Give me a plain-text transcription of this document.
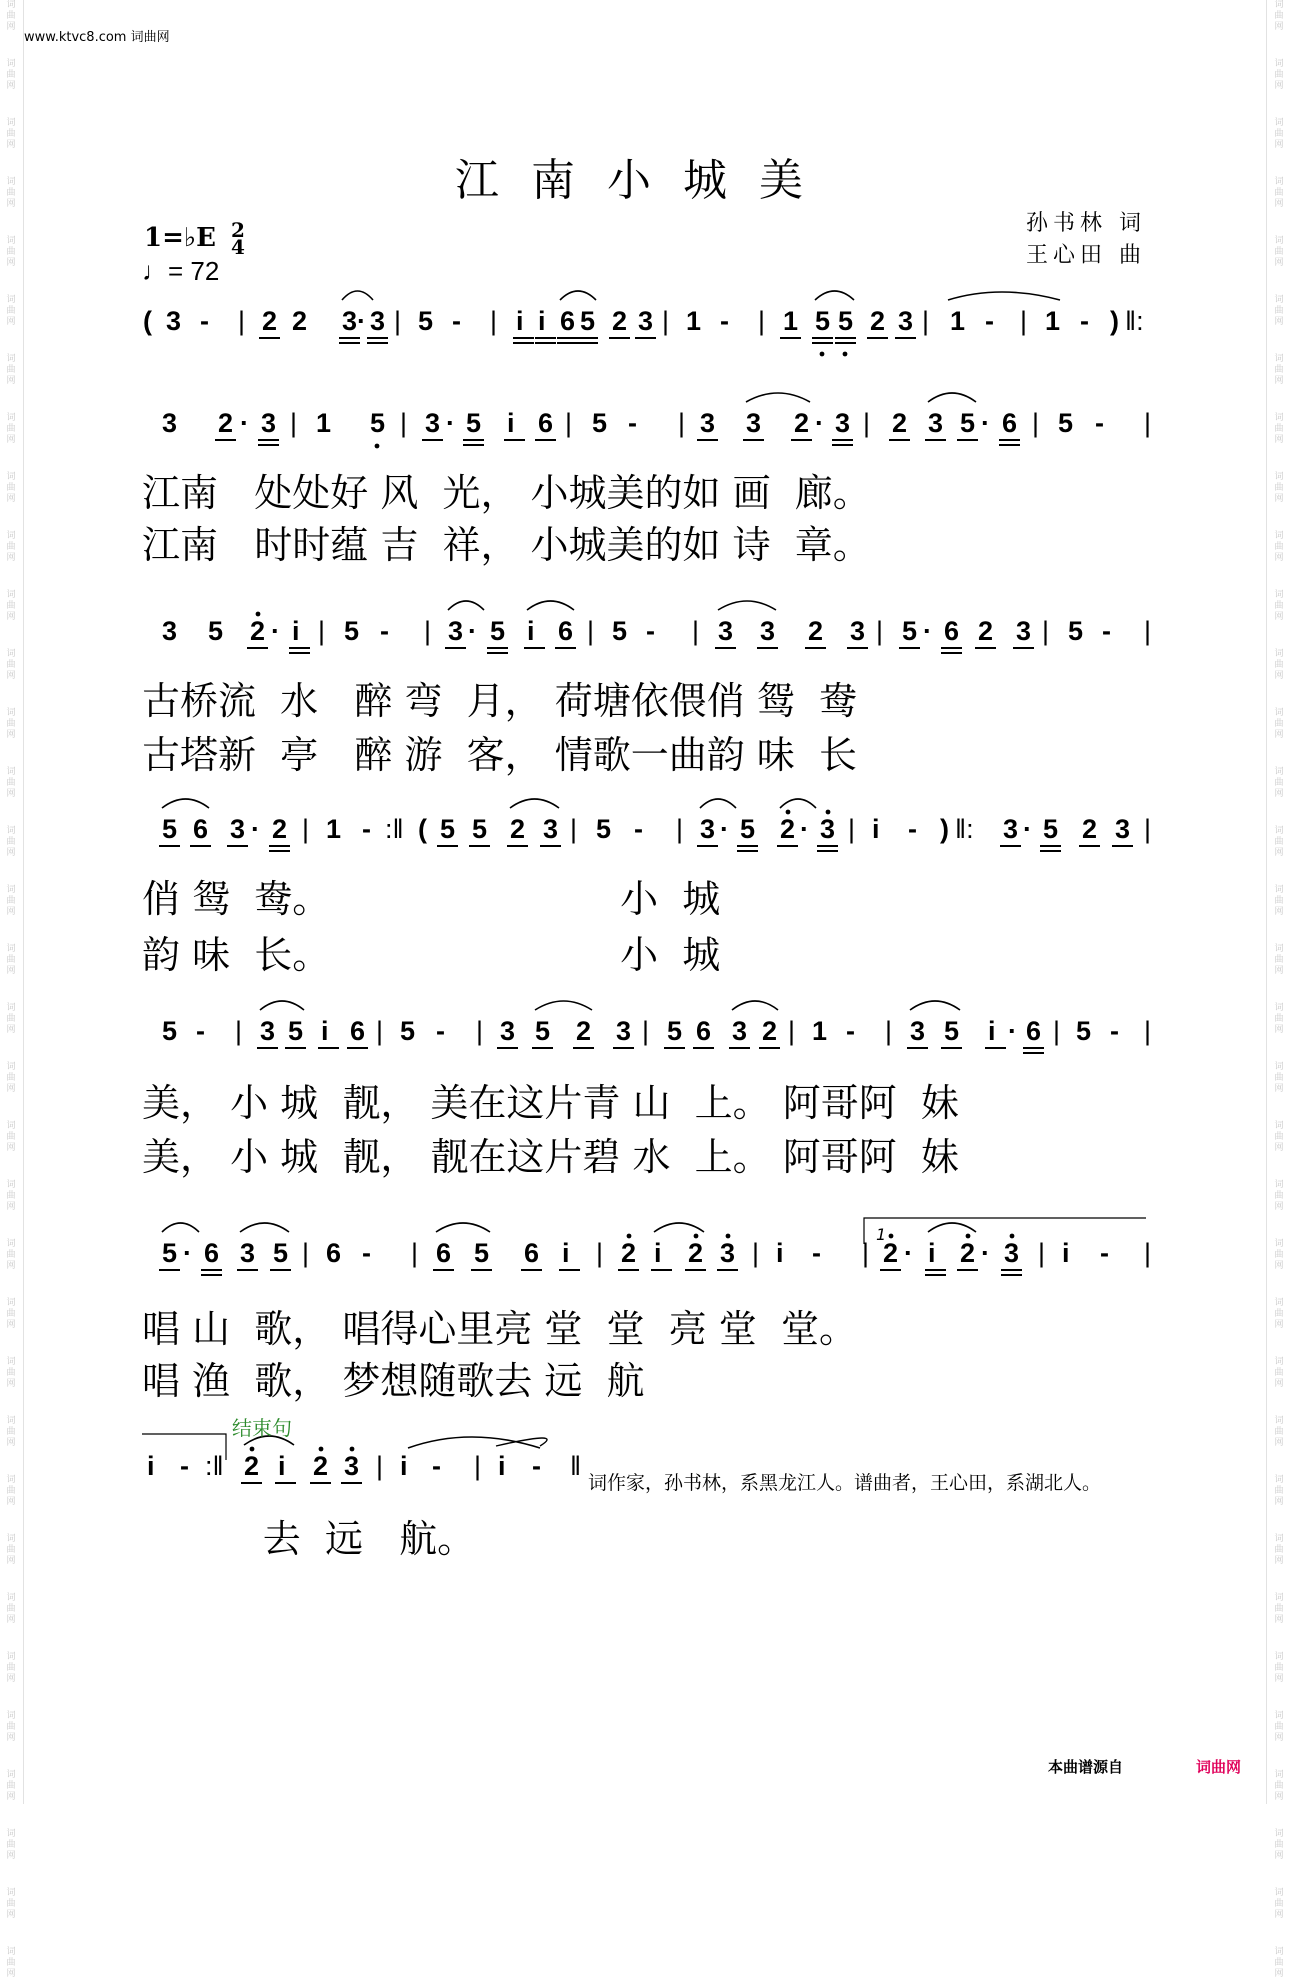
词
曲
网
词
曲
网
词
曲
网
词
曲
网
词
曲
网
词
曲
网
词
曲
网
词
曲
网
词
曲
网
词
曲
网
词
曲
网
词
曲
网
词
曲
网
词
曲
网
词
曲
网
词
曲
网
词
曲
网
词
曲
网
词
曲
网
词
曲
网
词
曲
网
词
曲
网
词
曲
网
词
曲
网
词
曲
网
词
曲
网
词
曲
网
词
曲
网
词
曲
网
词
曲
网
词
曲
网
词
曲
网
词
曲
网
词
曲
网
词
曲
网
词
曲
网
词
曲
网
词
曲
网
词
曲
网
词
曲
网
词
曲
网
词
曲
网
词
曲
网
词
曲
网
词
曲
网
词
曲
网
词
曲
网
词
曲
网
词
曲
网
词
曲
网
词
曲
网
词
曲
网
词
曲
网
词
曲
网
词
曲
网
词
曲
网
词
曲
网
词
曲
网
词
曲
网
词
曲
网
词
曲
网
词
曲
网
词
曲
网
词
曲
网
词
曲
网
词
曲
网
词
曲
网
词
曲
网
www.ktvc8.com 词曲网
江南小城美
1=♭E 2
4
♩= 72
孙书林 词
王心田 曲
( 3 - | 2 2 3 · 3 | 5 - | i i 6 5 2 3 | 1 - | 1 5 5 2 3 | 1 - | 1 - ) ‖:
3 2 · 3 | 1 5 | 3 · 5 i 6 | 5 - | 3 3 2 · 3 | 2 3 5 · 6 | 5 - |
3 5 2 · i | 5 - | 3 · 5 i 6 | 5 - | 3 3 2 3 | 5 · 6 2 3 | 5 - |
5 6 3 · 2 | 1 - :‖ ( 5 5 2 3 | 5 - | 3 · 5 2 · 3 | i - ) ‖: 3 · 5 2 3 |
5 - | 3 5 i 6 | 5 - | 3 5 2 3 | 5 6 3 2 | 1 - | 3 5 i · 6 | 5 - |
5 · 6 3 5 | 6 - | 6 5 6 i | 2 i 2 3 | i - | 2 · i 2 · 3 | i - |
i - :‖ 2 i 2 3 | i - | i - ‖
1
江南   处处好 风  光， 小城美的如 画  廊。
江南   时时蕴 吉  祥， 小城美的如 诗  章。
古桥流  水   醉 弯  月， 荷塘依偎俏 鸳  鸯
古塔新  亭   醉 游  客， 情歌一曲韵 味  长
俏 鸳  鸯。                        小  城
韵 味  长。                        小  城
美， 小 城  靓， 美在这片青 山  上。 阿哥阿  妹
美， 小 城  靓， 靓在这片碧 水  上。 阿哥阿  妹
唱 山  歌， 唱得心里亮 堂  堂  亮 堂  堂。
唱 渔  歌， 梦想随歌去 远  航
去  远   航。
结束句
词作家，孙书林，系黑龙江人。谱曲者，王心田，系湖北人。
本曲谱源自	词曲网
